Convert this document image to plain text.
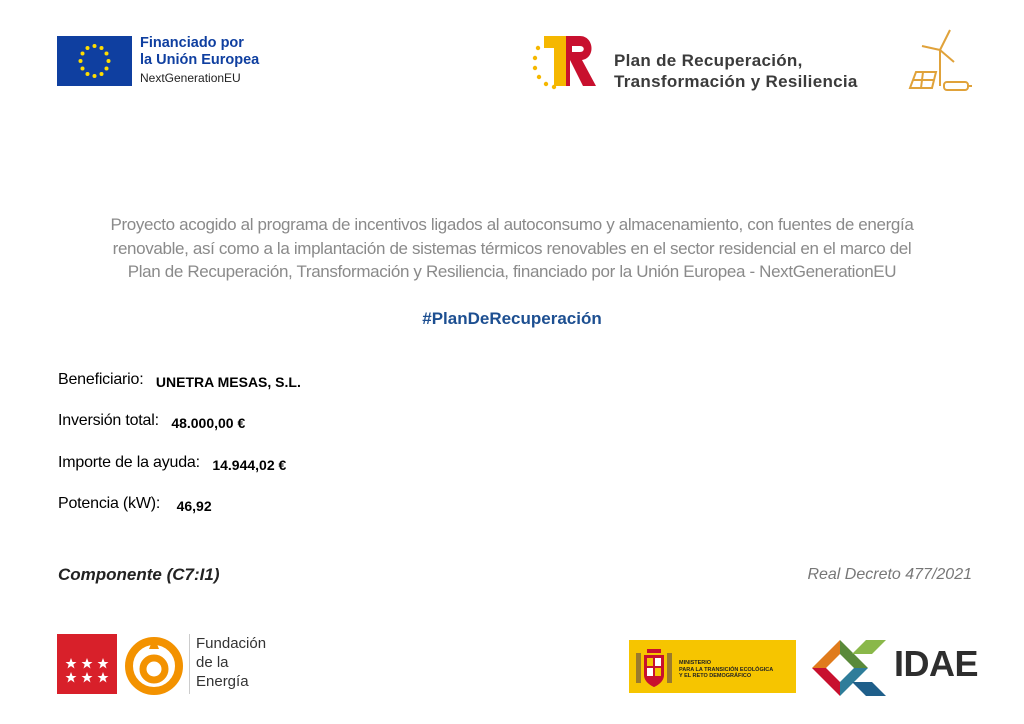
Financiado por
la Unión Europea
NextGenerationEU
Plan de Recuperación,
Transformación y Resiliencia
Proyecto acogido al programa de incentivos ligados al autoconsumo y almacenamiento, con fuentes de energía
renovable, así como a la implantación de sistemas térmicos renovables en el sector residencial en el marco del
Plan de Recuperación, Transformación y Resiliencia, financiado por la Unión Europea - NextGenerationEU
#PlanDeRecuperación
Beneficiario: UNETRA MESAS, S.L.
Inversión total: 48.000,00 €
Importe de la ayuda: 14.944,02 €
Potencia (kW): 46,92
Componente (C7:I1)	Real Decreto 477/2021
Fundación
de la
Energía
MINISTERIO
PARA LA TRANSICIÓN ECOLÓGICA
Y EL RETO DEMOGRÁFICO	IDAE
